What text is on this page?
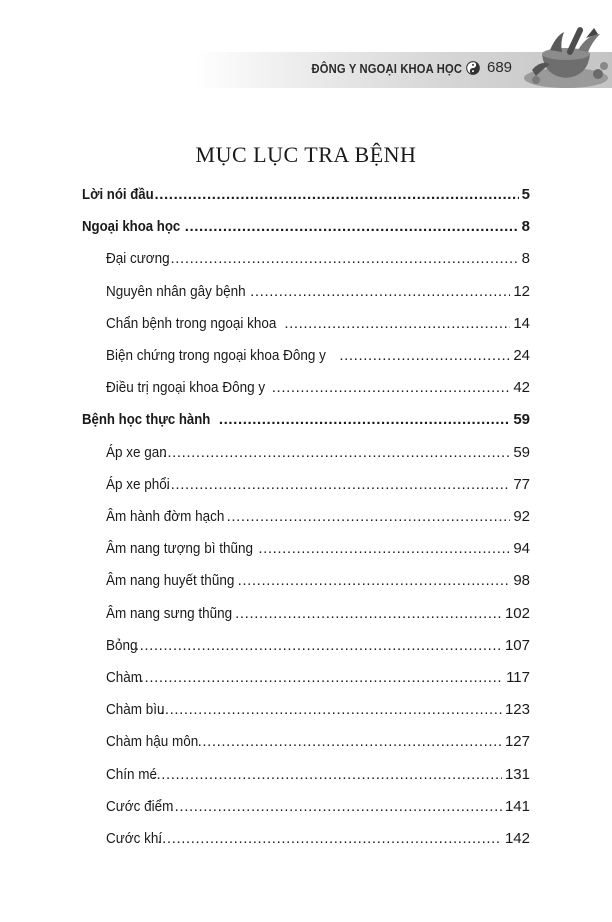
ĐÔNG Y NGOẠI KHOA HỌC 689
MỤC LỤC TRA BỆNH
Lời nói đầu .....	5
Ngoại khoa học .....	8
Đại cương .....	8
Nguyên nhân gây bệnh .....	12
Chẩn bệnh trong ngoại khoa .....	14
Biện chứng trong ngoại khoa Đông y .....	24
Điều trị ngoại khoa Đông y .....	42
Bệnh học thực hành .....	59
Áp xe gan .....	59
Áp xe phổi .....	77
Âm hành đờm hạch .....	92
Âm nang tượng bì thũng .....	94
Âm nang huyết thũng .....	98
Âm nang sưng thũng .....	102
Bỏng .....	107
Chàm .....	117
Chàm bìu .....	123
Chàm hậu môn .....	127
Chín mé .....	131
Cước điểm .....	141
Cước khí .....	142
